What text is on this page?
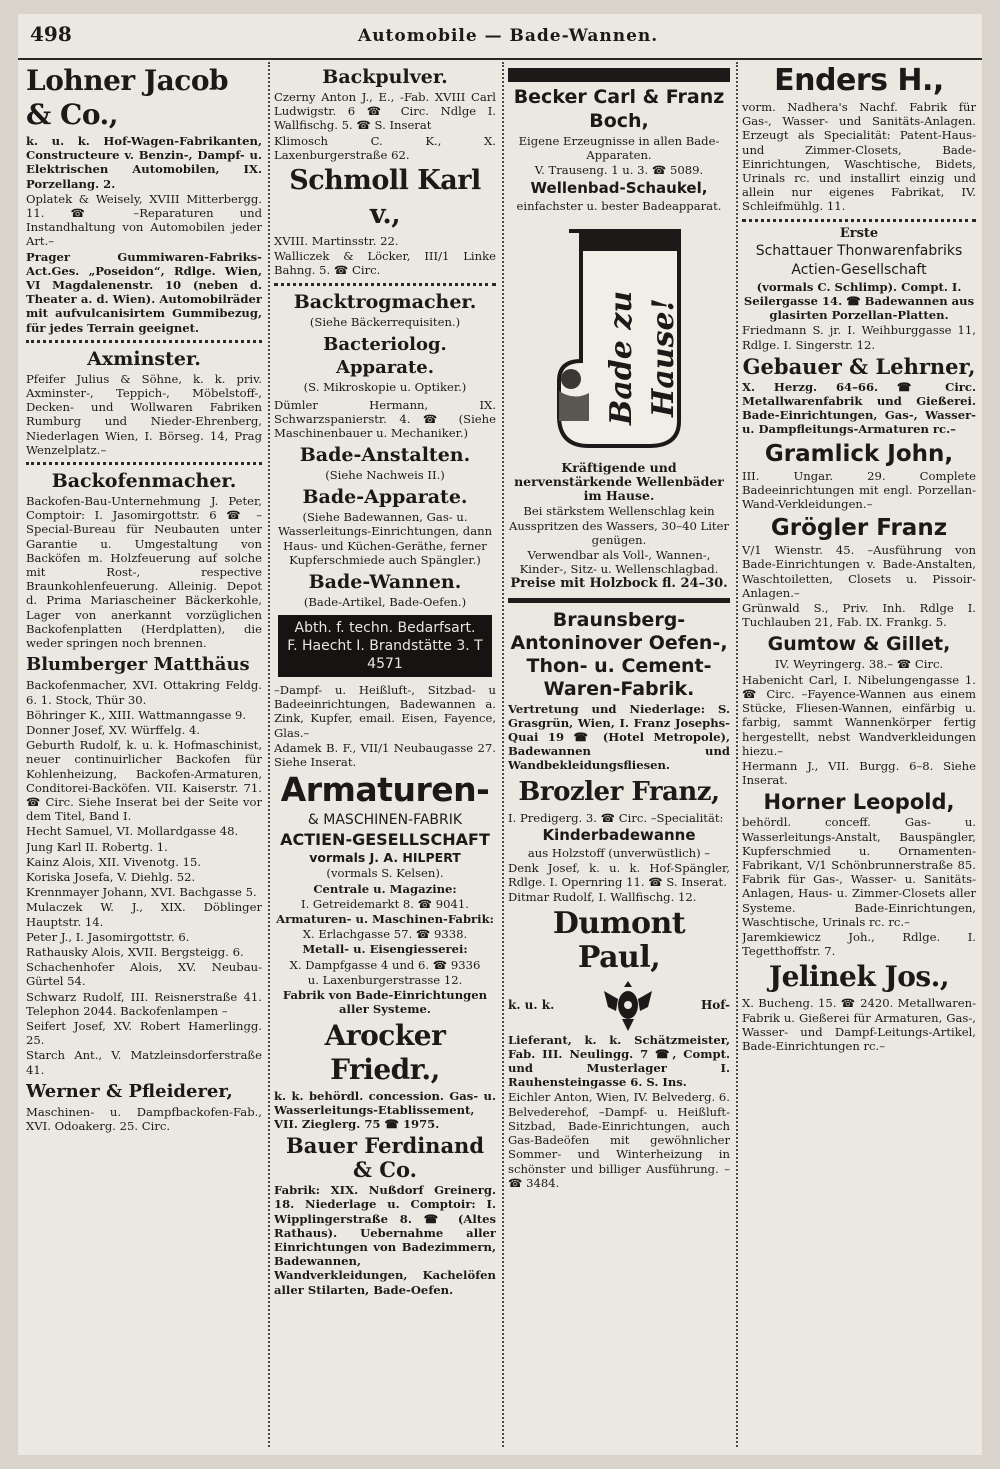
498	Automobile — Bade-Wannen.
Lohner Jacob & Co.,

k. u. k. Hof-Wagen-Fabrikanten, Constructeure v. Benzin-, Dampf- u. Elektrischen Automobilen, IX. Porzellang. 2.

Oplatek & Weisely, XVIII Mitterbergg. 11. ☎ –Reparaturen und Instandhaltung von Automobilen jeder Art.–

Prager Gummiwaren-Fabriks-Act.Ges. „Poseidon“, Rdlge. Wien, VI Magdalenenstr. 10 (neben d. Theater a. d. Wien). Automobilräder mit aufvulcanisirtem Gummibezug, für jedes Terrain geeignet.

Axminster.

Pfeifer Julius & Söhne, k. k. priv. Axminster-, Teppich-, Möbelstoff-, Decken- und Wollwaren Fabriken Rumburg und Nieder-Ehrenberg, Niederlagen Wien, I. Börseg. 14, Prag Wenzelplatz.–

Backofenmacher.

Backofen-Bau-Unternehmung J. Peter, Comptoir: I. Jasomirgottstr. 6 ☎ –Special-Bureau für Neubauten unter Garantie u. Umgestaltung von Backöfen m. Holzfeuerung auf solche mit Rost-, respective Braunkohlenfeuerung. Alleinig. Depot d. Prima Mariascheiner Bäckerkohle, Lager von anerkannt vorzüglichen Backofenplatten (Herdplatten), die weder springen noch brennen.

Blumberger Matthäus

Backofenmacher, XVI. Ottakring Feldg. 6. 1. Stock, Thür 30.

Böhringer K., XIII. Wattmanngasse 9.

Donner Josef, XV. Würffelg. 4.

Geburth Rudolf, k. u. k. Hofmaschinist, neuer continuirlicher Backofen für Kohlenheizung, Backofen-Armaturen, Conditorei-Backöfen. VII. Kaiserstr. 71. ☎ Circ. Siehe Inserat bei der Seite vor dem Titel, Band I.

Hecht Samuel, VI. Mollardgasse 48.

Jung Karl II. Robertg. 1.

Kainz Alois, XII. Vivenotg. 15.

Koriska Josefa, V. Diehlg. 52.

Krennmayer Johann, XVI. Bachgasse 5.

Mulaczek W. J., XIX. Döblinger Hauptstr. 14.

Peter J., I. Jasomirgottstr. 6.

Rathausky Alois, XVII. Bergsteigg. 6.

Schachenhofer Alois, XV. Neubau-Gürtel 54.

Schwarz Rudolf, III. Reisnerstraße 41. Telephon 2044. Backofenlampen –

Seifert Josef, XV. Robert Hamerlingg. 25.

Starch Ant., V. Matzleinsdorferstraße 41.

Werner & Pfleiderer,

Maschinen- u. Dampfbackofen-Fab., XVI. Odoakerg. 25. Circ.

Backpulver.

Czerny Anton J., E., -Fab. XVIII Carl Ludwigstr. 6 ☎ Circ. Ndlge I. Wallfischg. 5. ☎ S. Inserat

Klimosch C. K., X. Laxenburgerstraße 62.

Schmoll Karl v.,

XVIII. Martinsstr. 22.

Walliczek & Löcker, III/1 Linke Bahng. 5. ☎ Circ.

Backtrogmacher.
(Siehe Bäckerrequisiten.)
Bacteriolog. Apparate.
(S. Mikroskopie u. Optiker.)

Dümler Hermann, IX. Schwarzspanierstr. 4. ☎ (Siehe Maschinenbauer u. Mechaniker.)

Bade-Anstalten.
(Siehe Nachweis II.)
Bade-Apparate.

(Siehe Badewannen, Gas- u. Wasserleitungs-Einrichtungen, dann Haus- und Küchen-Geräthe, ferner Kupferschmiede auch Spängler.)

Bade-Wannen.
(Bade-Artikel, Bade-Oefen.)
Abth. f. techn. Bedarfsart.
F. Haecht I. Brandstätte 3. T 4571

–Dampf- u. Heißluft-, Sitzbad- u Badeeinrichtungen, Badewannen a. Zink, Kupfer, email. Eisen, Fayence, Glas.–

Adamek B. F., VII/1 Neubaugasse 27. Siehe Inserat.

Armaturen-

& MASCHINEN-FABRIK

ACTIEN-GESELLSCHAFT

vormals J. A. HILPERT

(vormals S. Kelsen).

Centrale u. Magazine:

I. Getreidemarkt 8. ☎ 9041.

Armaturen- u. Maschinen-Fabrik:

X. Erlachgasse 57. ☎ 9338.

Metall- u. Eisengiesserei:

X. Dampfgasse 4 und 6. ☎ 9336

u. Laxenburgerstrasse 12.

Fabrik von Bade-Einrichtungen aller Systeme.

Arocker Friedr.,

k. k. behördl. concession. Gas- u. Wasserleitungs-Etablissement, VII. Zieglerg. 75 ☎ 1975.

Bauer Ferdinand & Co.

Fabrik: XIX. Nußdorf Greinerg. 18. Niederlage u. Comptoir: I. Wipplingerstraße 8. ☎ (Altes Rathaus). Uebernahme aller Einrichtungen von Badezimmern, Badewannen, Wandverkleidungen, Kachelöfen aller Stilarten, Bade-Oefen.

Becker Carl & Franz Boch,

Eigene Erzeugnisse in allen Bade-Apparaten.

V. Trauseng. 1 u. 3. ☎ 5089.

Wellenbad-Schaukel,

einfachster u. bester Badeapparat.

Bade zu Hause!

Kräftigende und nervenstärkende Wellenbäder im Hause.

Bei stärkstem Wellenschlag kein Ausspritzen des Wassers, 30–40 Liter genügen.

Verwendbar als Voll-, Wannen-, Kinder-, Sitz- u. Wellenschlagbad.

Preise mit Holzbock fl. 24–30.

Braunsberg-Antoninover Oefen-, Thon- u. Cement-Waren-Fabrik.

Vertretung und Niederlage: S. Grasgrün, Wien, I. Franz Josephs-Quai 19 ☎ (Hotel Metropole), Badewannen und Wandbekleidungsfliesen.

Brozler Franz,

I. Predigerg. 3. ☎ Circ. –Specialität:

Kinderbadewanne

aus Holzstoff (unverwüstlich) –

Denk Josef, k. u. k. Hof-Spängler, Rdlge. I. Opernring 11. ☎ S. Inserat.

Ditmar Rudolf, I. Wallfischg. 12.

Dumont Paul,
k. u. k.	Hof-

Lieferant, k. k. Schätzmeister, Fab. III. Neulingg. 7 ☎, Compt. und Musterlager I. Rauhensteingasse 6. S. Ins.

Eichler Anton, Wien, IV. Belvederg. 6. Belvederehof, –Dampf- u. Heißluft-Sitzbad, Bade-Einrichtungen, auch Gas-Badeöfen mit gewöhnlicher Sommer- und Winterheizung in schönster und billiger Ausführung. – ☎ 3484.

Enders H.,

vorm. Nadhera's Nachf. Fabrik für Gas-, Wasser- und Sanitäts-Anlagen. Erzeugt als Specialität: Patent-Haus- und Zimmer-Closets, Bade-Einrichtungen, Waschtische, Bidets, Urinals rc. und installirt einzig und allein nur eigenes Fabrikat, IV. Schleifmühlg. 11.

Erste

Schattauer Thonwarenfabriks

Actien-Gesellschaft

(vormals C. Schlimp). Compt. I. Seilergasse 14. ☎ Badewannen aus glasirten Porzellan-Platten.

Friedmann S. jr. I. Weihburggasse 11, Rdlge. I. Singerstr. 12.

Gebauer & Lehrner,

X. Herzg. 64–66. ☎ Circ. Metallwarenfabrik und Gießerei. Bade-Einrichtungen, Gas-, Wasser- u. Dampfleitungs-Armaturen rc.–

Gramlick John,

III. Ungar. 29. Complete Badeeinrichtungen mit engl. Porzellan-Wand-Verkleidungen.–

Grögler Franz

V/1 Wienstr. 45. –Ausführung von Bade-Einrichtungen v. Bade-Anstalten, Waschtoiletten, Closets u. Pissoir-Anlagen.–

Grünwald S., Priv. Inh. Rdlge I. Tuchlauben 21, Fab. IX. Frankg. 5.

Gumtow & Gillet,

IV. Weyringerg. 38.– ☎ Circ.

Habenicht Carl, I. Nibelungengasse 1. ☎ Circ. –Fayence-Wannen aus einem Stücke, Fliesen-Wannen, einfärbig u. farbig, sammt Wannenkörper fertig hergestellt, nebst Wandverkleidungen hiezu.–

Hermann J., VII. Burgg. 6–8. Siehe Inserat.

Horner Leopold,

behördl. conceff. Gas- u. Wasserleitungs-Anstalt, Bauspängler, Kupferschmied u. Ornamenten-Fabrikant, V/1 Schönbrunnerstraße 85. Fabrik für Gas-, Wasser- u. Sanitäts-Anlagen, Haus- u. Zimmer-Closets aller Systeme. Bade-Einrichtungen, Waschtische, Urinals rc. rc.–

Jaremkiewicz Joh., Rdlge. I. Tegetthoffstr. 7.

Jelinek Jos.,

X. Bucheng. 15. ☎ 2420. Metallwaren-Fabrik u. Gießerei für Armaturen, Gas-, Wasser- und Dampf-Leitungs-Artikel, Bade-Einrichtungen rc.–
